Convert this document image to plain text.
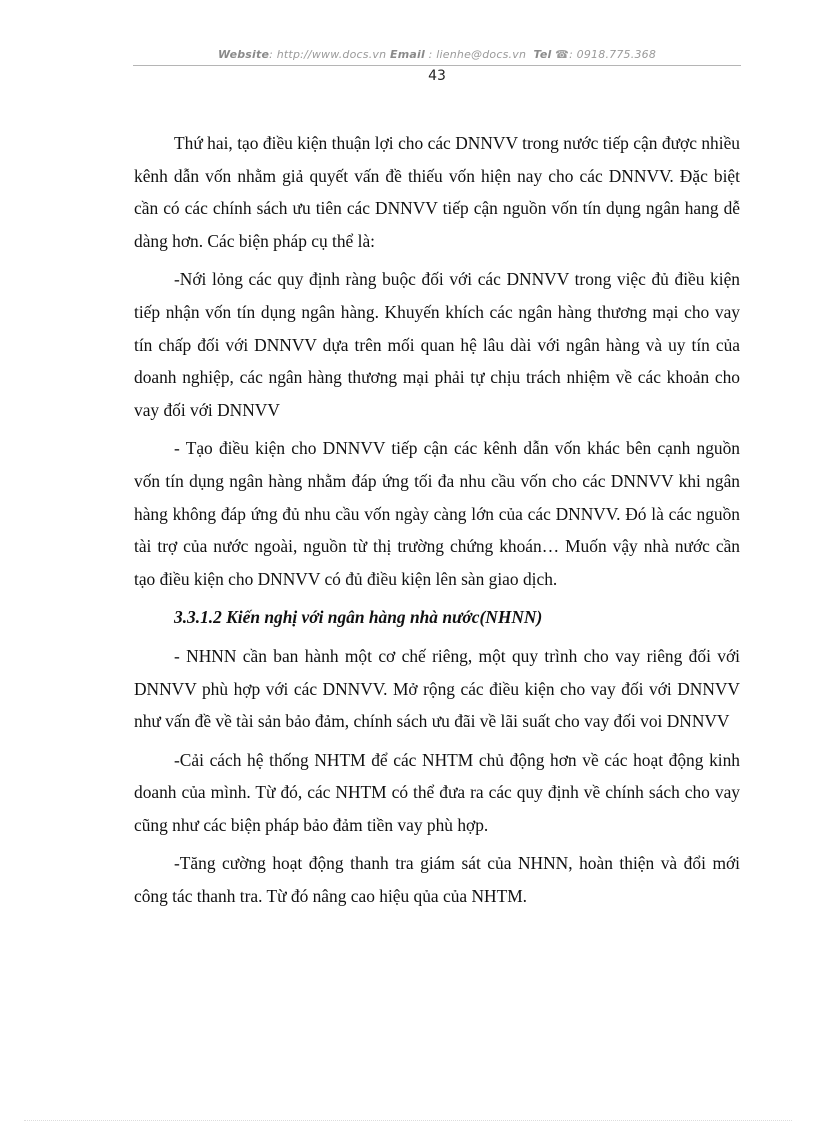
Website: http://www.docs.vn Email : lienhe@docs.vn Tel ☎: 0918.775.368
43

Thứ hai, tạo điều kiện thuận lợi cho các DNNVV trong nước tiếp cận được nhiều kênh dẫn vốn nhằm giả quyết vấn đề thiếu vốn hiện nay cho các DNNVV. Đặc biệt cần có các chính sách ưu tiên các DNNVV tiếp cận nguồn vốn tín dụng ngân hang dễ dàng hơn. Các biện pháp cụ thể là:

-Nới lỏng các quy định ràng buộc đối với các DNNVV trong việc đủ điều kiện tiếp nhận vốn tín dụng ngân hàng. Khuyến khích các ngân hàng thương mại cho vay tín chấp đối với DNNVV dựa trên mối quan hệ lâu dài với ngân hàng và uy tín của doanh nghiệp, các ngân hàng thương mại phải tự chịu trách nhiệm về các khoản cho vay đối với DNNVV

- Tạo điều kiện cho DNNVV tiếp cận các kênh dẫn vốn khác bên cạnh nguồn vốn tín dụng ngân hàng nhằm đáp ứng tối đa nhu cầu vốn cho các DNNVV khi ngân hàng không đáp ứng đủ nhu cầu vốn ngày càng lớn của các DNNVV. Đó là các nguồn tài trợ của nước ngoài, nguồn từ thị trường chứng khoán… Muốn vậy nhà nước cần tạo điều kiện cho DNNVV có đủ điều kiện lên sàn giao dịch.

3.3.1.2 Kiến nghị với ngân hàng nhà nước(NHNN)

- NHNN cần ban hành một cơ chế riêng, một quy trình cho vay riêng đối với DNNVV phù hợp với các DNNVV. Mở rộng các điều kiện cho vay đối với DNNVV như vấn đề về tài sản bảo đảm, chính sách ưu đãi về lãi suất cho vay đối voi DNNVV

-Cải cách hệ thống NHTM để các NHTM chủ động hơn về các hoạt động kinh doanh của mình. Từ đó, các NHTM có thể đưa ra các quy định về chính sách cho vay cũng như các biện pháp bảo đảm tiền vay phù hợp.

-Tăng cường hoạt động thanh tra giám sát của NHNN, hoàn thiện và đổi mới công tác thanh tra. Từ đó nâng cao hiệu qủa của NHTM.
